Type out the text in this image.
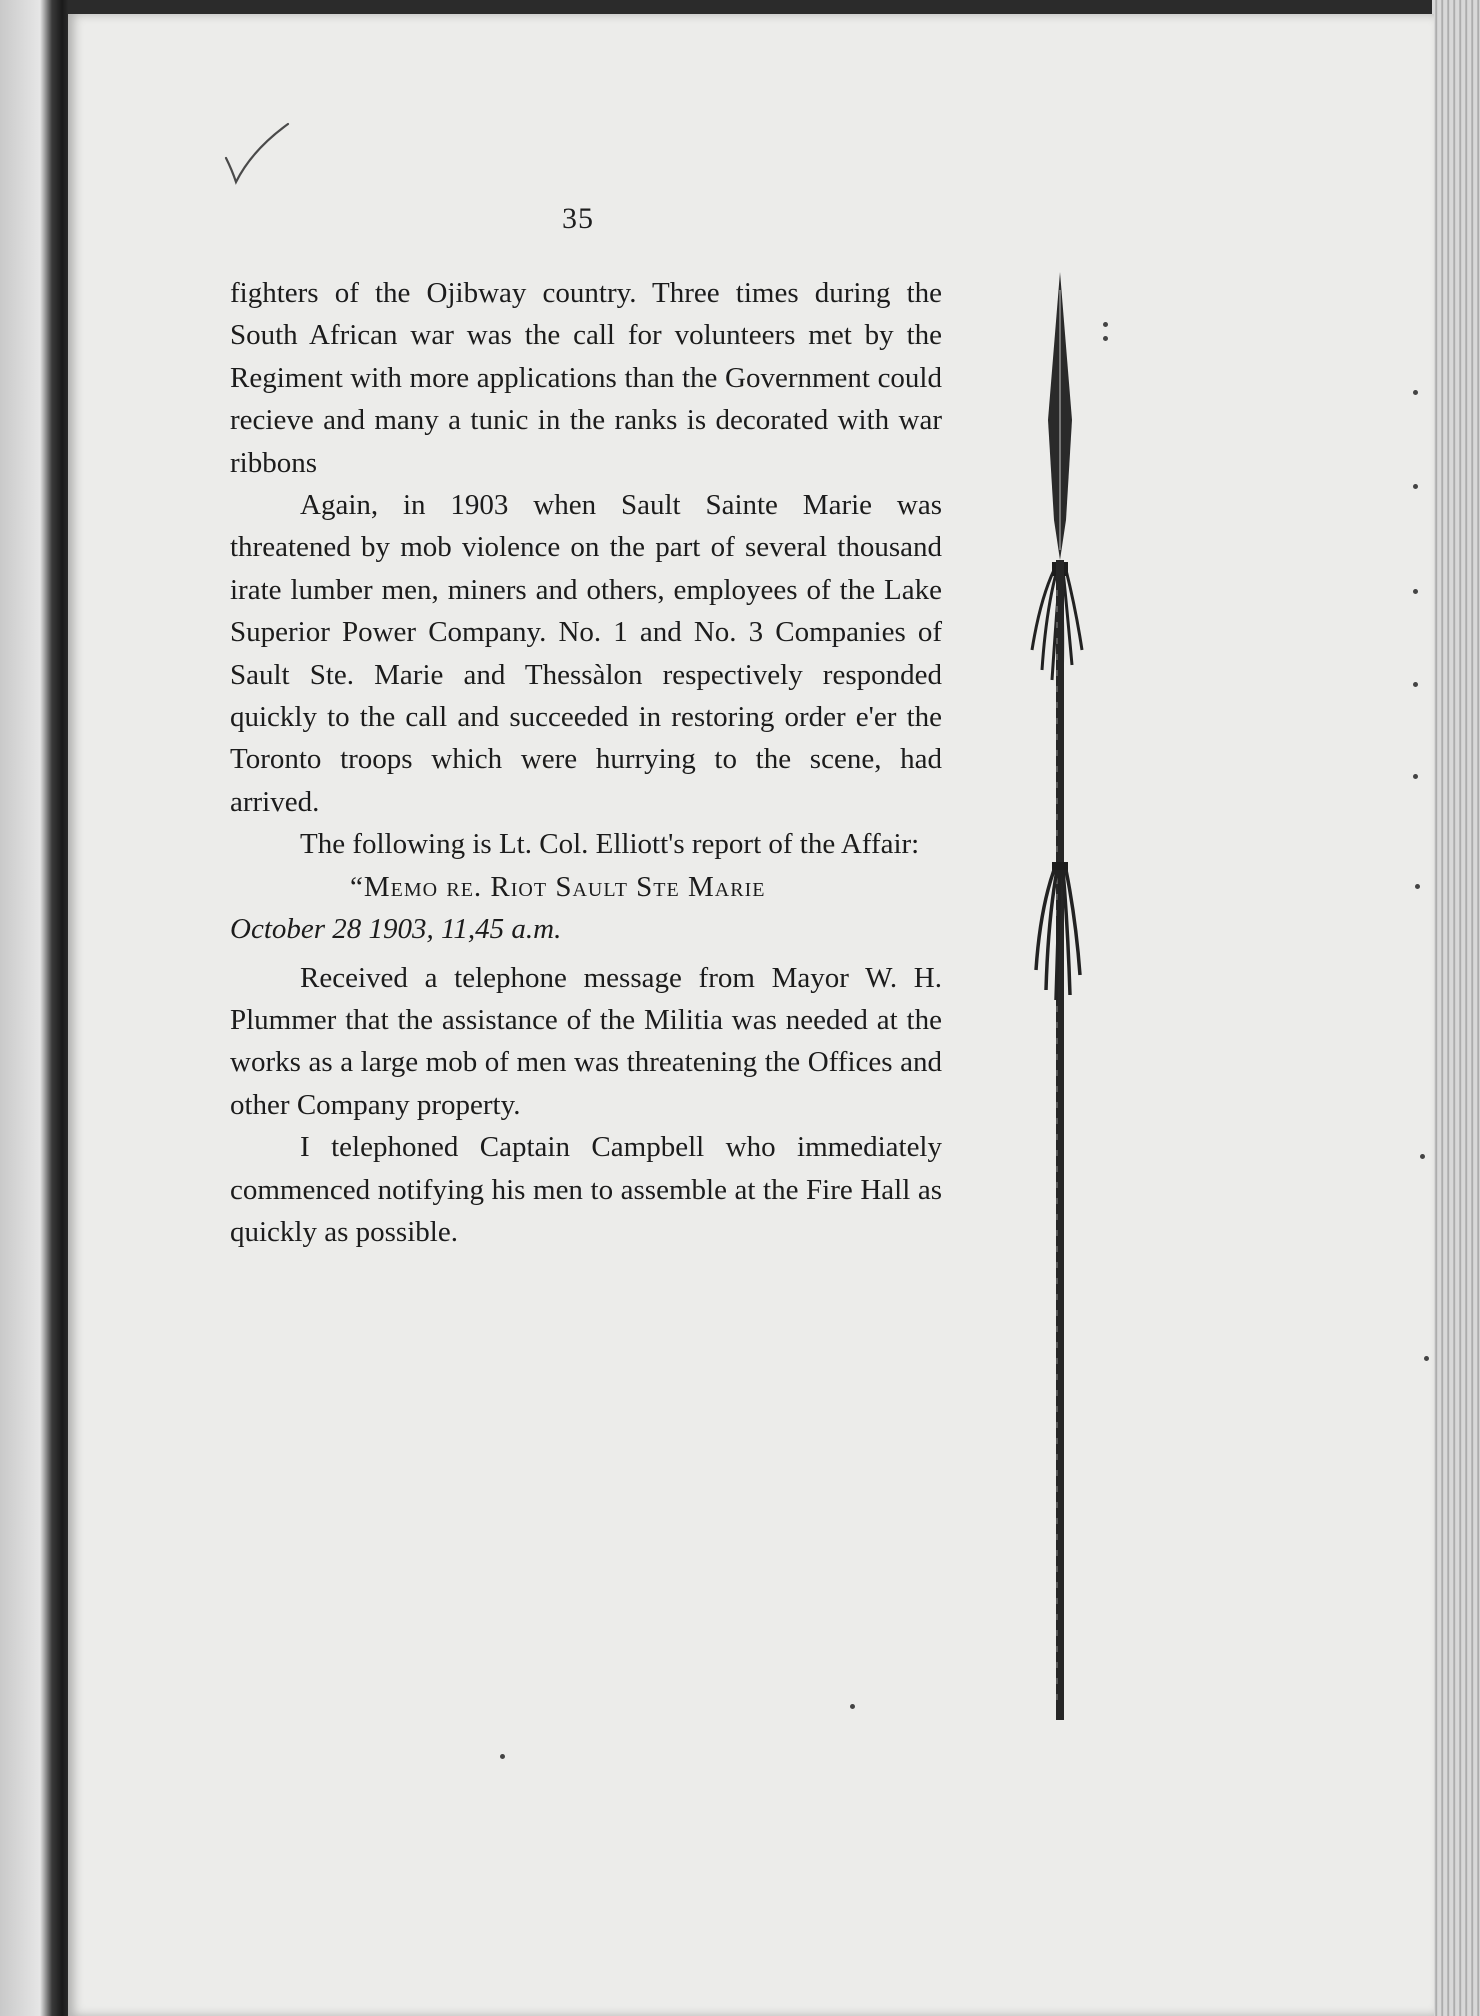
35

fighters of the Ojibway country. Three times during the South African war was the call for volunteers met by the Regiment with more applications than the Government could recieve and many a tunic in the ranks is decorated with war ribbons

Again, in 1903 when Sault Sainte Marie was threatened by mob violence on the part of several thousand irate lumber men, miners and others, employees of the Lake Superior Power Company. No. 1 and No. 3 Companies of Sault Ste. Marie and Thessàlon respectively responded quickly to the call and succeeded in restoring order e'er the Toronto troops which were hurrying to the scene, had arrived.

The following is Lt. Col. Elliott's report of the Affair:

“Memo re. Riot Sault Ste Marie

October 28 1903, 11,45 a.m.

Received a telephone message from Mayor W. H. Plummer that the assistance of the Militia was needed at the works as a large mob of men was threatening the Offices and other Company property.

I telephoned Captain Campbell who immediately commenced notifying his men to assemble at the Fire Hall as quickly as possible.
